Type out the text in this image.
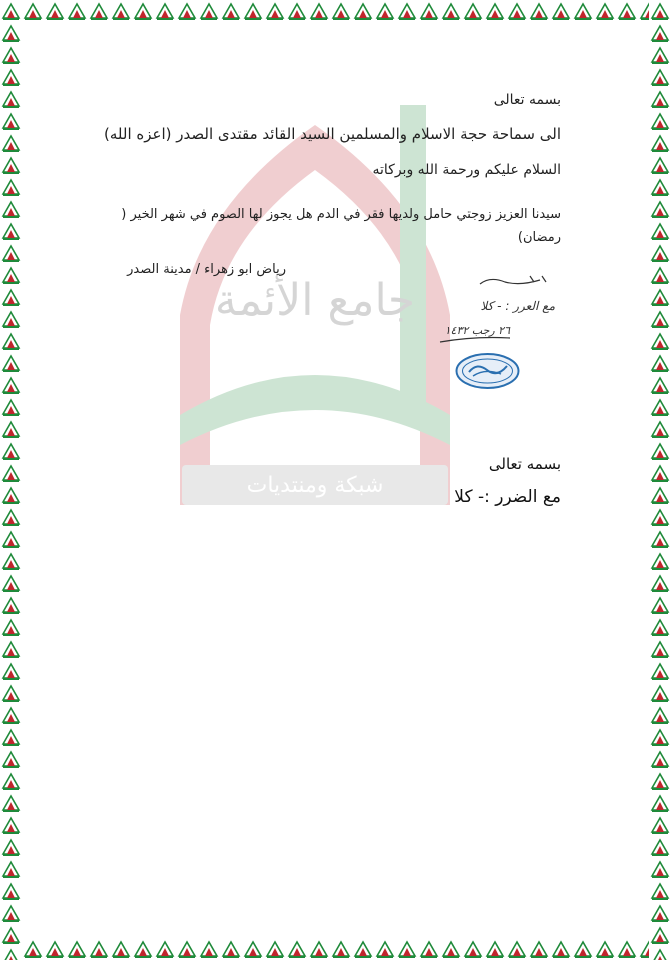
شبكة ومنتديات
جامع الأئمة
بسمه تعالى
الى سماحة حجة الاسلام والمسلمين السيد القائد مقتدى الصدر (اعزه الله)
السلام عليكم ورحمة الله وبركاته
سيدنا العزيز زوجتي حامل ولديها فقر في الدم هل يجوز لها الصوم في شهر الخير ( رمضان)
رياض ابو زهراء / مدينة الصدر
مع العرر : - كلا
٢٦ رجب ١٤٣٢
بسمه تعالى
مع الضرر :- كلا
